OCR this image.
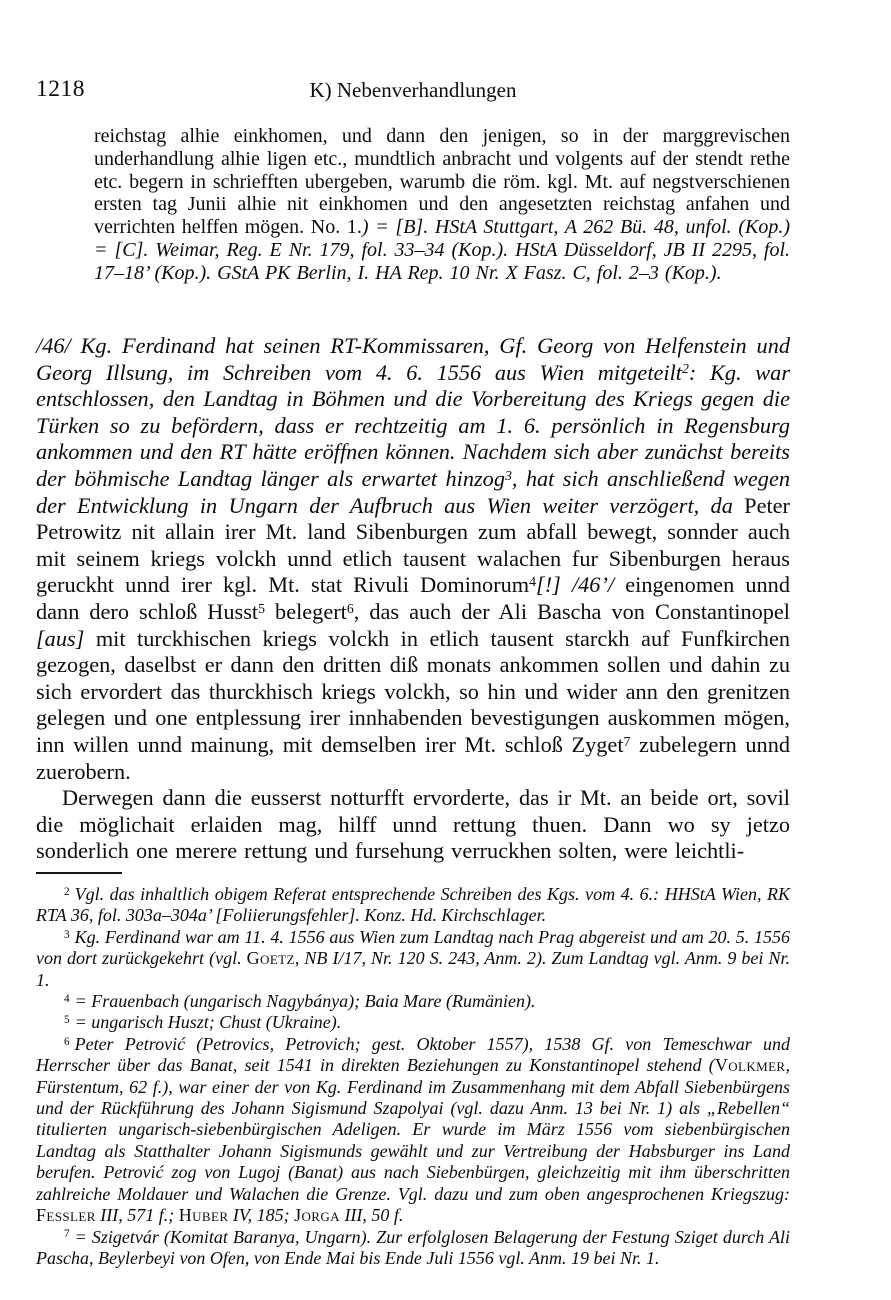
1218	K) Nebenverhandlungen
reichstag alhie einkhomen, und dann den jenigen, so in der marggrevischen underhandlung alhie ligen etc., mundtlich anbracht und volgents auf der stendt rethe etc. begern in schriefften ubergeben, warumb die röm. kgl. Mt. auf negstverschienen ersten tag Junii alhie nit einkhomen und den angesetzten reichstag anfahen und verrichten helffen mögen. No. 1.) = [B]. HStA Stuttgart, A 262 Bü. 48, unfol. (Kop.) = [C]. Weimar, Reg. E Nr. 179, fol. 33–34 (Kop.). HStA Düsseldorf, JB II 2295, fol. 17–18’ (Kop.). GStA PK Berlin, I. HA Rep. 10 Nr. X Fasz. C, fol. 2–3 (Kop.).

/46/ Kg. Ferdinand hat seinen RT-Kommissaren, Gf. Georg von Helfenstein und Georg Illsung, im Schreiben vom 4. 6. 1556 aus Wien mitgeteilt$^2$: Kg. war entschlossen, den Landtag in Böhmen und die Vorbereitung des Kriegs gegen die Türken so zu befördern, dass er rechtzeitig am 1. 6. persönlich in Regensburg ankommen und den RT hätte eröffnen können. Nachdem sich aber zunächst bereits der böhmische Landtag länger als erwartet hinzog$^3$, hat sich anschließend wegen der Entwicklung in Ungarn der Aufbruch aus Wien weiter verzögert, da Peter Petrowitz nit allain irer Mt. land Sibenburgen zum abfall bewegt, sonnder auch mit seinem kriegs volckh unnd etlich tausent walachen fur Sibenburgen heraus geruckht unnd irer kgl. Mt. stat Rivuli Dominorum$^4$[!] /46’/ eingenomen unnd dann dero schloß Husst$^5$ belegert$^6$, das auch der Ali Bascha von Constantinopel [aus] mit turckhischen kriegs volckh in etlich tausent starckh auf Funfkirchen gezogen, daselbst er dann den dritten diß monats ankommen sollen und dahin zu sich ervordert das thurckhisch kriegs volckh, so hin und wider ann den grenitzen gelegen und one entplessung irer innhabenden bevestigungen auskommen mögen, inn willen unnd mainung, mit demselben irer Mt. schloß Zyget$^7$ zubelegern unnd zuerobern.

Derwegen dann die eusserst notturfft ervorderte, das ir Mt. an beide ort, sovil die möglichait erlaiden mag, hilff unnd rettung thuen. Dann wo sy jetzo sonderlich one merere rettung und fursehung verruckhen solten, were leichtli-

$^2$ Vgl. das inhaltlich obigem Referat entsprechende Schreiben des Kgs. vom 4. 6.: HHStA Wien, RK RTA 36, fol. 303a–304a’ [Foliierungsfehler]. Konz. Hd. Kirchschlager.

$^3$ Kg. Ferdinand war am 11. 4. 1556 aus Wien zum Landtag nach Prag abgereist und am 20. 5. 1556 von dort zurückgekehrt (vgl. Goetz, NB I/17, Nr. 120 S. 243, Anm. 2). Zum Landtag vgl. Anm. 9 bei Nr. 1.

$^4$ = Frauenbach (ungarisch Nagybánya); Baia Mare (Rumänien).

$^5$ = ungarisch Huszt; Chust (Ukraine).

$^6$ Peter Petrović (Petrovics, Petrovich; gest. Oktober 1557), 1538 Gf. von Temeschwar und Herrscher über das Banat, seit 1541 in direkten Beziehungen zu Konstantinopel stehend (Volkmer, Fürstentum, 62 f.), war einer der von Kg. Ferdinand im Zusammenhang mit dem Abfall Siebenbürgens und der Rückführung des Johann Sigismund Szapolyai (vgl. dazu Anm. 13 bei Nr. 1) als „Rebellen“ titulierten ungarisch-siebenbürgischen Adeligen. Er wurde im März 1556 vom siebenbürgischen Landtag als Statthalter Johann Sigismunds gewählt und zur Vertreibung der Habsburger ins Land berufen. Petrović zog von Lugoj (Banat) aus nach Siebenbürgen, gleichzeitig mit ihm überschritten zahlreiche Moldauer und Walachen die Grenze. Vgl. dazu und zum oben angesprochenen Kriegszug: Fessler III, 571 f.; Huber IV, 185; Jorga III, 50 f.

$^7$ = Szigetvár (Komitat Baranya, Ungarn). Zur erfolglosen Belagerung der Festung Sziget durch Ali Pascha, Beylerbeyi von Ofen, von Ende Mai bis Ende Juli 1556 vgl. Anm. 19 bei Nr. 1.
